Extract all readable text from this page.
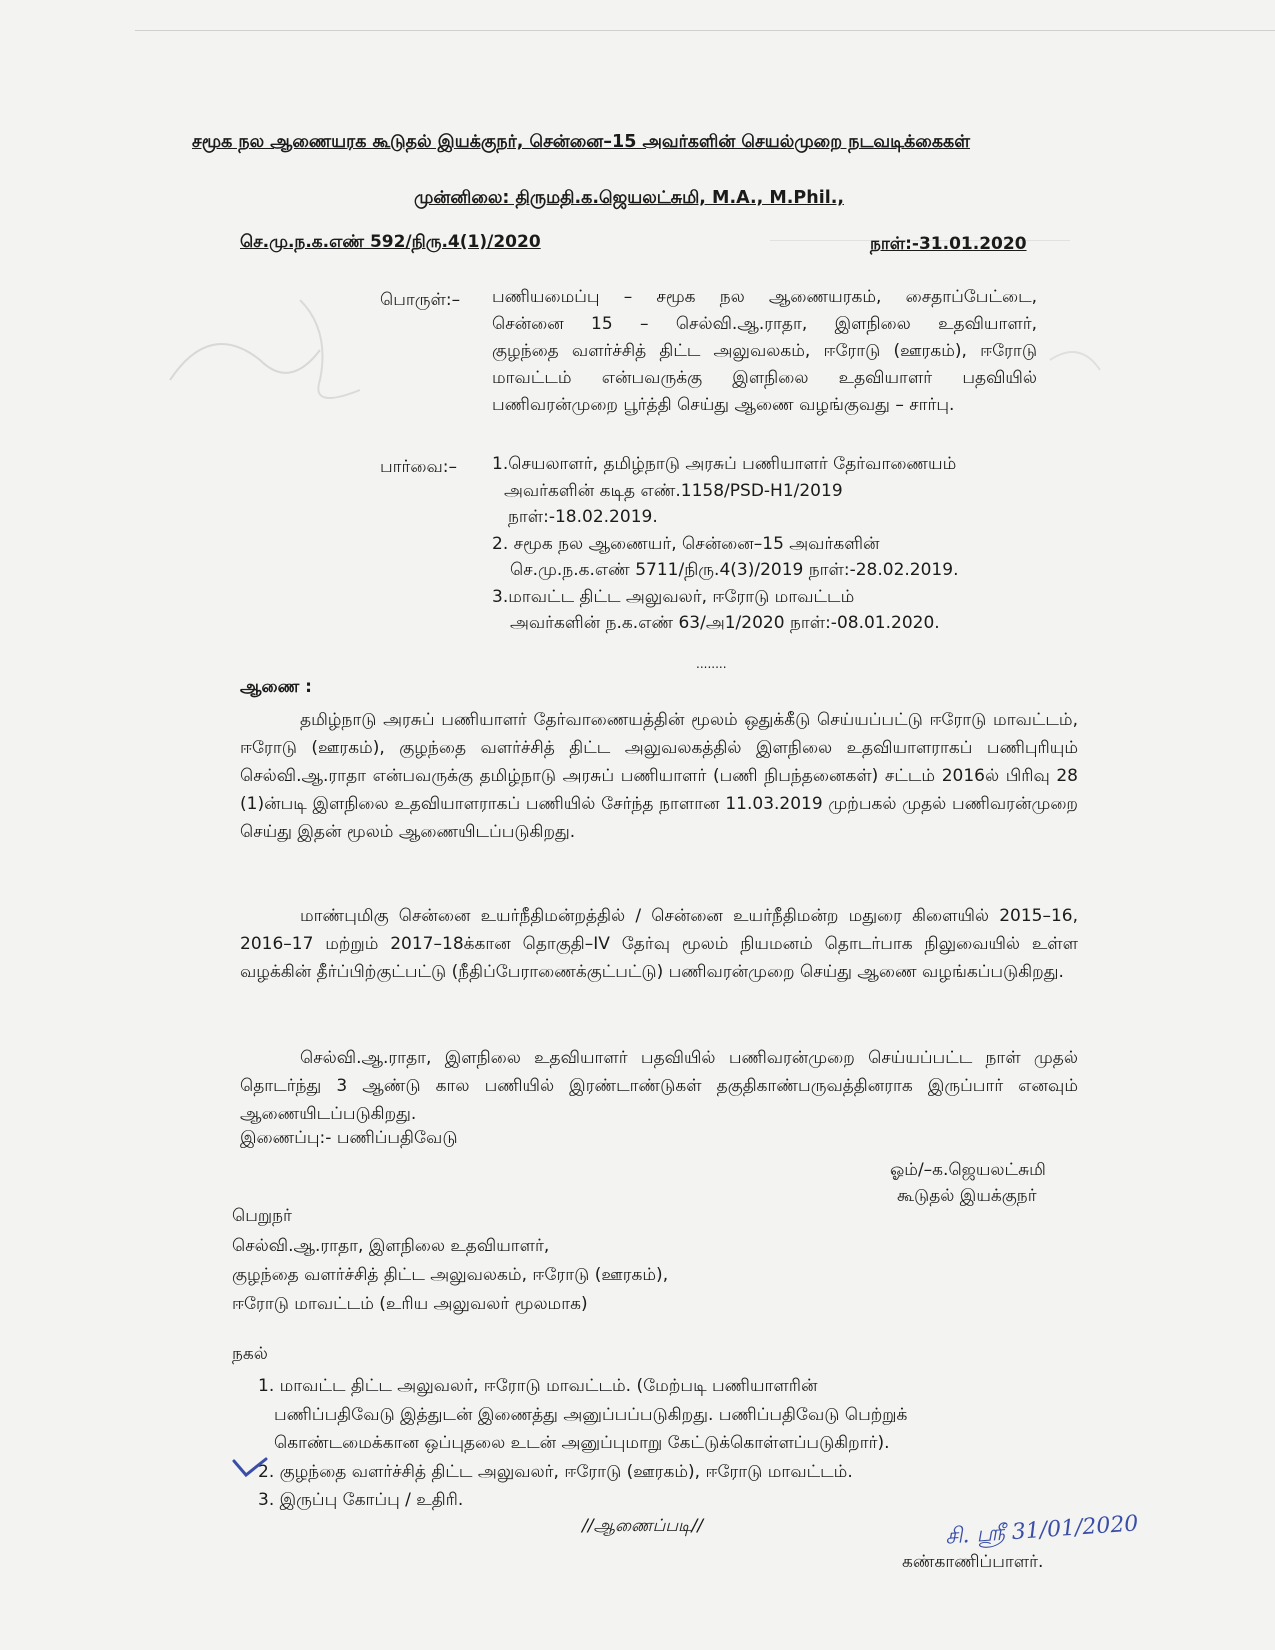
சமூக நல ஆணையரக கூடுதல் இயக்குநர், சென்னை–15 அவர்களின் செயல்முறை நடவடிக்கைகள்
முன்னிலை: திருமதி.க.ஜெயலட்சுமி, M.A., M.Phil.,
செ.மு.ந.க.எண் 592/நிரு.4(1)/2020	நாள்:-31.01.2020
பொருள்:– பணியமைப்பு – சமூக நல ஆணையரகம், சைதாப்பேட்டை,
சென்னை 15 – செல்வி.ஆ.ராதா, இளநிலை உதவியாளர்,
குழந்தை வளர்ச்சித் திட்ட அலுவலகம், ஈரோடு (ஊரகம்), ஈரோடு
மாவட்டம் என்பவருக்கு இளநிலை உதவியாளர் பதவியில்
பணிவரன்முறை பூர்த்தி செய்து ஆணை வழங்குவது – சார்பு.
பார்வை:– 1.செயலாளர், தமிழ்நாடு அரசுப் பணியாளர் தேர்வாணையம்
அவர்களின் கடித எண்.1158/PSD-H1/2019
நாள்:-18.02.2019.
2. சமூக நல ஆணையர், சென்னை–15 அவர்களின்
செ.மு.ந.க.எண் 5711/நிரு.4(3)/2019 நாள்:-28.02.2019.
3.மாவட்ட திட்ட அலுவலர், ஈரோடு மாவட்டம்
அவர்களின் ந.க.எண் 63/அ1/2020 நாள்:-08.01.2020.
........
ஆணை :
தமிழ்நாடு அரசுப் பணியாளர் தேர்வாணையத்தின் மூலம் ஒதுக்கீடு செய்யப்பட்டு ஈரோடு மாவட்டம், ஈரோடு (ஊரகம்), குழந்தை வளர்ச்சித் திட்ட அலுவலகத்தில் இளநிலை உதவியாளராகப் பணிபுரியும் செல்வி.ஆ.ராதா என்பவருக்கு தமிழ்நாடு அரசுப் பணியாளர் (பணி நிபந்தனைகள்) சட்டம் 2016ல் பிரிவு 28 (1)ன்படி இளநிலை உதவியாளராகப் பணியில் சேர்ந்த நாளான 11.03.2019 முற்பகல் முதல் பணிவரன்முறை செய்து இதன் மூலம் ஆணையிடப்படுகிறது.
மாண்புமிகு சென்னை உயர்நீதிமன்றத்தில் / சென்னை உயர்நீதிமன்ற மதுரை கிளையில் 2015–16, 2016–17 மற்றும் 2017–18க்கான தொகுதி–IV தேர்வு மூலம் நியமனம் தொடர்பாக நிலுவையில் உள்ள வழக்கின் தீர்ப்பிற்குட்பட்டு (நீதிப்பேராணைக்குட்பட்டு) பணிவரன்முறை செய்து ஆணை வழங்கப்படுகிறது.
செல்வி.ஆ.ராதா, இளநிலை உதவியாளர் பதவியில் பணிவரன்முறை செய்யப்பட்ட நாள் முதல் தொடர்ந்து 3 ஆண்டு கால பணியில் இரண்டாண்டுகள் தகுதிகாண்பருவத்தினராக இருப்பார் எனவும் ஆணையிடப்படுகிறது.
இணைப்பு:- பணிப்பதிவேடு
ஓம்/–க.ஜெயலட்சுமி
கூடுதல் இயக்குநர்
பெறுநர்
செல்வி.ஆ.ராதா, இளநிலை உதவியாளர்,
குழந்தை வளர்ச்சித் திட்ட அலுவலகம், ஈரோடு (ஊரகம்),
ஈரோடு மாவட்டம் (உரிய அலுவலர் மூலமாக)
நகல்
1. மாவட்ட திட்ட அலுவலர், ஈரோடு மாவட்டம். (மேற்படி பணியாளரின்
பணிப்பதிவேடு இத்துடன் இணைத்து அனுப்பப்படுகிறது. பணிப்பதிவேடு பெற்றுக்
கொண்டமைக்கான ஒப்புதலை உடன் அனுப்புமாறு கேட்டுக்கொள்ளப்படுகிறார்).
2. குழந்தை வளர்ச்சித் திட்ட அலுவலர், ஈரோடு (ஊரகம்), ஈரோடு மாவட்டம்.
3. இருப்பு கோப்பு / உதிரி.
//ஆணைப்படி//	சி. ஸ்ரீ 31/01/2020
கண்காணிப்பாளர்.
